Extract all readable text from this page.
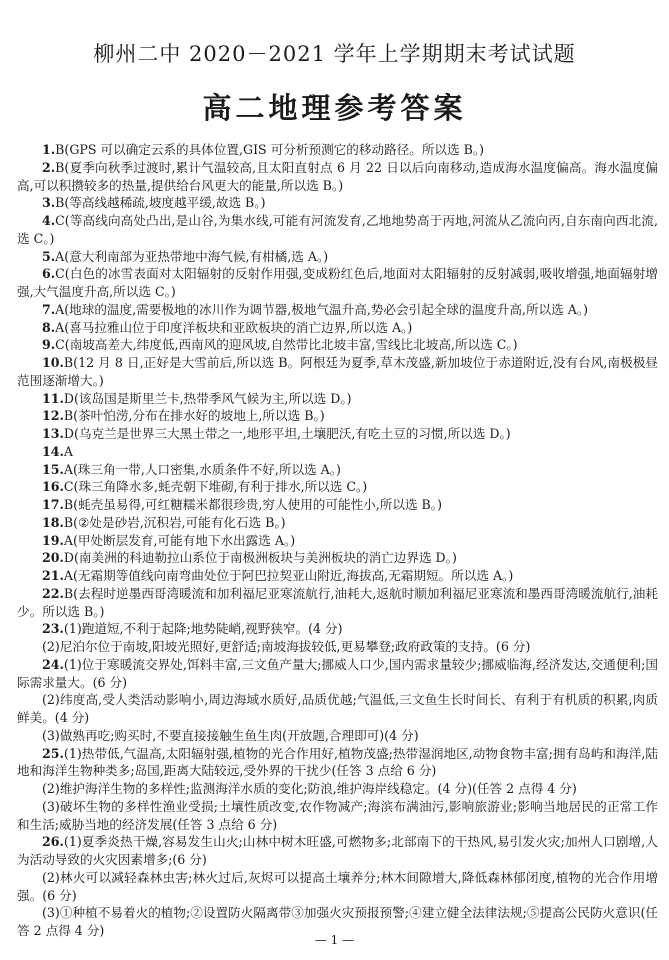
柳州二中 2020－2021 学年上学期期末考试试题
高二地理参考答案

1.B(GPS 可以确定云系的具体位置,GIS 可分析预测它的移动路径。所以选 B。)

2.B(夏季向秋季过渡时,累计气温较高,且太阳直射点 6 月 22 日以后向南移动,造成海水温度偏高。海水温度偏高,可以积攒较多的热量,提供给台风更大的能量,所以选 B。)

3.B(等高线越稀疏,坡度越平缓,故选 B。)

4.C(等高线向高处凸出,是山谷,为集水线,可能有河流发育,乙地地势高于丙地,河流从乙流向丙,自东南向西北流,选 C。)

5.A(意大利南部为亚热带地中海气候,有柑橘,选 A。)

6.C(白色的冰雪表面对太阳辐射的反射作用强,变成粉红色后,地面对太阳辐射的反射减弱,吸收增强,地面辐射增强,大气温度升高,所以选 C。)

7.A(地球的温度,需要极地的冰川作为调节器,极地气温升高,势必会引起全球的温度升高,所以选 A。)

8.A(喜马拉雅山位于印度洋板块和亚欧板块的消亡边界,所以选 A。)

9.C(南坡高差大,纬度低,西南风的迎风坡,自然带比北坡丰富,雪线比北坡高,所以选 C。)

10.B(12 月 8 日,正好是大雪前后,所以选 B。阿根廷为夏季,草木茂盛,新加坡位于赤道附近,没有台风,南极极昼范围逐渐增大。)

11.D(该岛国是斯里兰卡,热带季风气候为主,所以选 D。)

12.B(茶叶怕涝,分布在排水好的坡地上,所以选 B。)

13.D(乌克兰是世界三大黑土带之一,地形平坦,土壤肥沃,有吃土豆的习惯,所以选 D。)

14.A

15.A(珠三角一带,人口密集,水质条件不好,所以选 A。)

16.C(珠三角降水多,蚝壳朝下堆砌,有利于排水,所以选 C。)

17.B(蚝壳虽易得,可红糖糯米都很珍贵,穷人使用的可能性小,所以选 B。)

18.B(②处是砂岩,沉积岩,可能有化石选 B。)

19.A(甲处断层发育,可能有地下水出露选 A。)

20.D(南美洲的科迪勒拉山系位于南极洲板块与美洲板块的消亡边界选 D。)

21.A(无霜期等值线向南弯曲处位于阿巴拉契亚山附近,海拔高,无霜期短。所以选 A。)

22.B(去程时逆墨西哥湾暖流和加利福尼亚寒流航行,油耗大,返航时顺加利福尼亚寒流和墨西哥湾暖流航行,油耗少。所以选 B。)

23.(1)跑道短,不利于起降;地势陡峭,视野狭窄。(4 分)

(2)尼泊尔位于南坡,阳坡光照好,更舒适;南坡海拔较低,更易攀登;政府政策的支持。(6 分)

24.(1)位于寒暖流交界处,饵料丰富,三文鱼产量大;挪威人口少,国内需求量较少;挪威临海,经济发达,交通便利;国际需求量大。(6 分)

(2)纬度高,受人类活动影响小,周边海域水质好,品质优越;气温低,三文鱼生长时间长、有利于有机质的积累,肉质鲜美。(4 分)

(3)做熟再吃;购买时,不要直接接触生鱼生肉(开放题,合理即可)(4 分)

25.(1)热带低,气温高,太阳辐射强,植物的光合作用好,植物茂盛;热带湿润地区,动物食物丰富;拥有岛屿和海洋,陆地和海洋生物种类多;岛国,距离大陆较远,受外界的干扰少(任答 3 点给 6 分)

(2)维护海洋生物的多样性;监测海洋水质的变化;防浪,维护海岸线稳定。(4 分)(任答 2 点得 4 分)

(3)破坏生物的多样性渔业受损;土壤性质改变,农作物减产;海滨布满油污,影响旅游业;影响当地居民的正常工作和生活;威胁当地的经济发展(任答 3 点给 6 分)

26.(1)夏季炎热干燥,容易发生山火;山林中树木旺盛,可燃物多;北部南下的干热风,易引发火灾;加州人口剧增,人为活动导致的火灾因素增多;(6 分)

(2)林火可以减轻森林虫害;林火过后,灰烬可以提高土壤养分;林木间隙增大,降低森林郁闭度,植物的光合作用增强。(6 分)

(3)①种植不易着火的植物;②设置防火隔离带③加强火灾预报预警;④建立健全法律法规;⑤提高公民防火意识(任答 2 点得 4 分)

— 1 —
